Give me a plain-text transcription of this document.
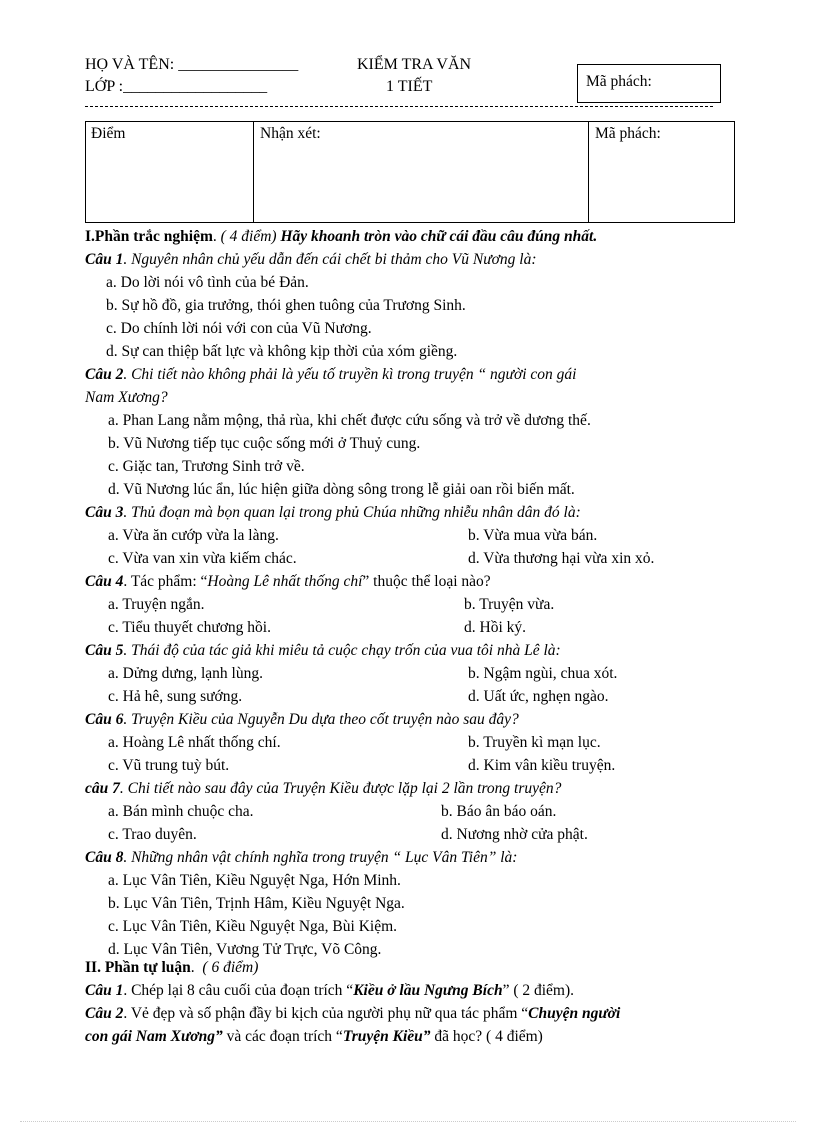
HỌ VÀ TÊN: _______________
LỚP :__________________
KIỂM TRA VĂN
1 TIẾT	Mã phách:
Điểm	Nhận xét:	Mã phách:
I.Phần trắc nghiệm. ( 4 điểm) Hãy khoanh tròn vào chữ cái đầu câu đúng nhất.
Câu 1. Nguyên nhân chủ yếu dẫn đến cái chết bi thảm cho Vũ Nương là:
a. Do lời nói vô tình của bé Đản.
b. Sự hồ đồ, gia trưởng, thói ghen tuông của Trương Sinh.
c. Do chính lời nói với con của Vũ Nương.
d. Sự can thiệp bất lực và không kịp thời của xóm giềng.
Câu 2. Chi tiết nào không phải là yếu tố truyền kì trong truyện “ người con gái
Nam Xương?
a. Phan Lang nằm mộng, thả rùa, khi chết được cứu sống và trở về dương thế.
b. Vũ Nương tiếp tục cuộc sống mới ở Thuỷ cung.
c. Giặc tan, Trương Sinh trở về.
d. Vũ Nương lúc ẩn, lúc hiện giữa dòng sông trong lễ giải oan rồi biến mất.
Câu 3. Thủ đoạn mà bọn quan lại trong phủ Chúa những nhiễu nhân dân đó là:
a. Vừa ăn cướp vừa la làng.	b. Vừa mua vừa bán.
c. Vừa van xin vừa kiếm chác.	d. Vừa thương hại vừa xin xỏ.
Câu 4. Tác phẩm: “Hoàng Lê nhất thống chí” thuộc thể loại nào?
a. Truyện ngắn.	b. Truyện vừa.
c. Tiểu thuyết chương hồi.	d. Hồi ký.
Câu 5. Thái độ của tác giả khi miêu tả cuộc chạy trốn của vua tôi nhà Lê là:
a. Dửng dưng, lạnh lùng.	b. Ngậm ngùi, chua xót.
c. Hả hê, sung sướng.	d. Uất ức, nghẹn ngào.
Câu 6. Truyện Kiều của Nguyễn Du dựa theo cốt truyện nào sau đây?
a. Hoàng Lê nhất thống chí.	b. Truyền kì mạn lục.
c. Vũ trung tuỳ bút.	d. Kim vân kiều truyện.
câu 7. Chi tiết nào sau đây của Truyện Kiều được lặp lại 2 lần trong truyện?
a. Bán mình chuộc cha.	b. Báo ân báo oán.
c. Trao duyên.	d. Nương nhờ cửa phật.
Câu 8. Những nhân vật chính nghĩa trong truyện “ Lục Vân Tiên” là:
a. Lục Vân Tiên, Kiều Nguyệt Nga, Hớn Minh.
b. Lục Vân Tiên, Trịnh Hâm, Kiều Nguyệt Nga.
c. Lục Vân Tiên, Kiều Nguyệt Nga, Bùi Kiệm.
d. Lục Vân Tiên, Vương Tử Trực, Võ Công.
II. Phần tự luận.  ( 6 điểm)
Câu 1. Chép lại 8 câu cuối của đoạn trích “Kiều ở lầu Ngưng Bích” ( 2 điểm).
Câu 2. Vẻ đẹp và số phận đầy bi kịch của người phụ nữ qua tác phẩm “Chuyện người
con gái Nam Xương” và các đoạn trích “Truyện Kiều” đã học? ( 4 điểm)
